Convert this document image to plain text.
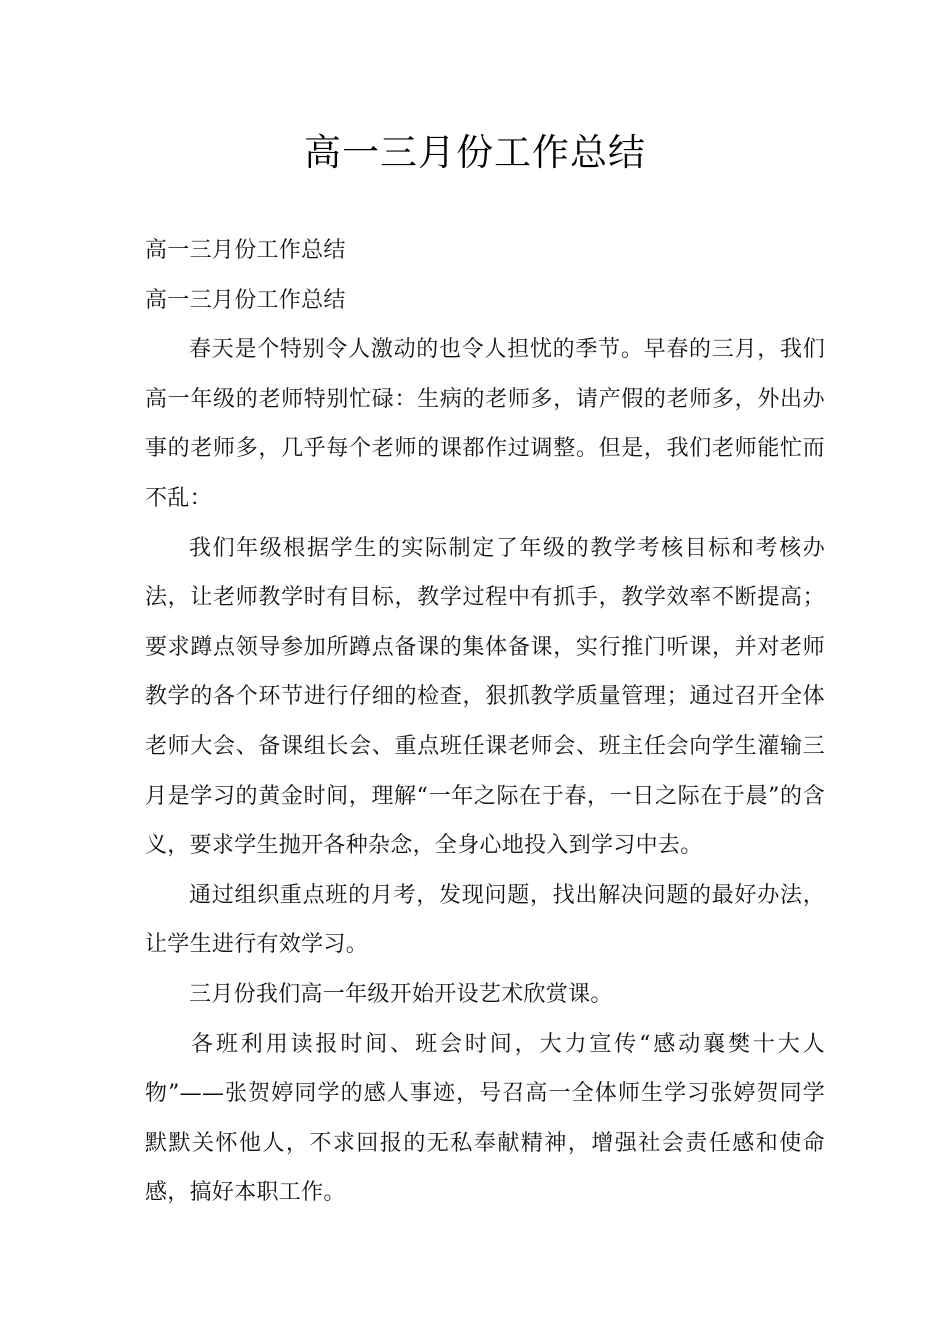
高一三月份工作总结

高一三月份工作总结

高一三月份工作总结

春天是个特别令人激动的也令人担忧的季节。早春的三月，我们高一年级的老师特别忙碌：生病的老师多，请产假的老师多，外出办事的老师多，几乎每个老师的课都作过调整。但是，我们老师能忙而不乱：

我们年级根据学生的实际制定了年级的教学考核目标和考核办法，让老师教学时有目标，教学过程中有抓手，教学效率不断提高；要求蹲点领导参加所蹲点备课的集体备课，实行推门听课，并对老师教学的各个环节进行仔细的检查，狠抓教学质量管理；通过召开全体老师大会、备课组长会、重点班任课老师会、班主任会向学生灌输三月是学习的黄金时间，理解“一年之际在于春，一日之际在于晨”的含义，要求学生抛开各种杂念，全身心地投入到学习中去。

通过组织重点班的月考，发现问题，找出解决问题的最好办法，让学生进行有效学习。

三月份我们高一年级开始开设艺术欣赏课。

各班利用读报时间、班会时间，大力宣传“感动襄樊十大人物”——张贺婷同学的感人事迹，号召高一全体师生学习张婷贺同学默默关怀他人，不求回报的无私奉献精神，增强社会责任感和使命感，搞好本职工作。
